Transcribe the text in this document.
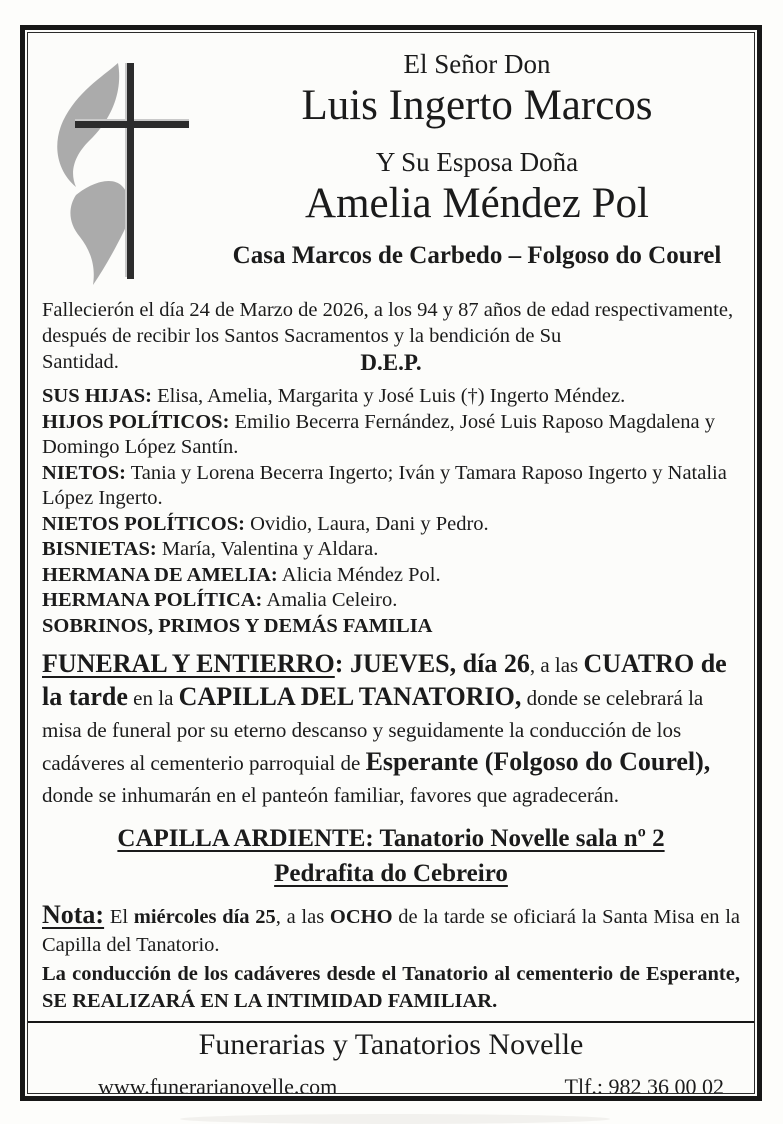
El Señor Don
Luis Ingerto Marcos
Y Su Esposa Doña
Amelia Méndez Pol
Casa Marcos de Carbedo – Folgoso do Courel
Fallecierón el día 24 de Marzo de 2026, a los 94 y 87 años de edad respectivamente, después de recibir los Santos Sacramentos y la bendición de Su
Santidad.	D.E.P.

SUS HIJAS: Elisa, Amelia, Margarita y José Luis (†) Ingerto Méndez.

HIJOS POLÍTICOS: Emilio Becerra Fernández, José Luis Raposo Magdalena y Domingo López Santín.

NIETOS: Tania y Lorena Becerra Ingerto; Iván y Tamara Raposo Ingerto y Natalia López Ingerto.

NIETOS POLÍTICOS: Ovidio, Laura, Dani y Pedro.

BISNIETAS: María, Valentina y Aldara.

HERMANA DE AMELIA: Alicia Méndez Pol.

HERMANA POLÍTICA: Amalia Celeiro.

SOBRINOS, PRIMOS Y DEMÁS FAMILIA

FUNERAL Y ENTIERRO: JUEVES, día 26, a las CUATRO de la tarde en la CAPILLA DEL TANATORIO, donde se celebrará la misa de funeral por su eterno descanso y seguidamente la conducción de los cadáveres al cementerio parroquial de Esperante (Folgoso do Courel), donde se inhumarán en el panteón familiar, favores que agradecerán.
CAPILLA ARDIENTE: Tanatorio Novelle sala nº 2
Pedrafita do Cebreiro
Nota: El miércoles día 25, a las OCHO de la tarde se oficiará la Santa Misa en la Capilla del Tanatorio.
La conducción de los cadáveres desde el Tanatorio al cementerio de Esperante, SE REALIZARÁ EN LA INTIMIDAD FAMILIAR.
Funerarias y Tanatorios Novelle
www.funerarianovelle.com	Tlf.: 982 36 00 02
